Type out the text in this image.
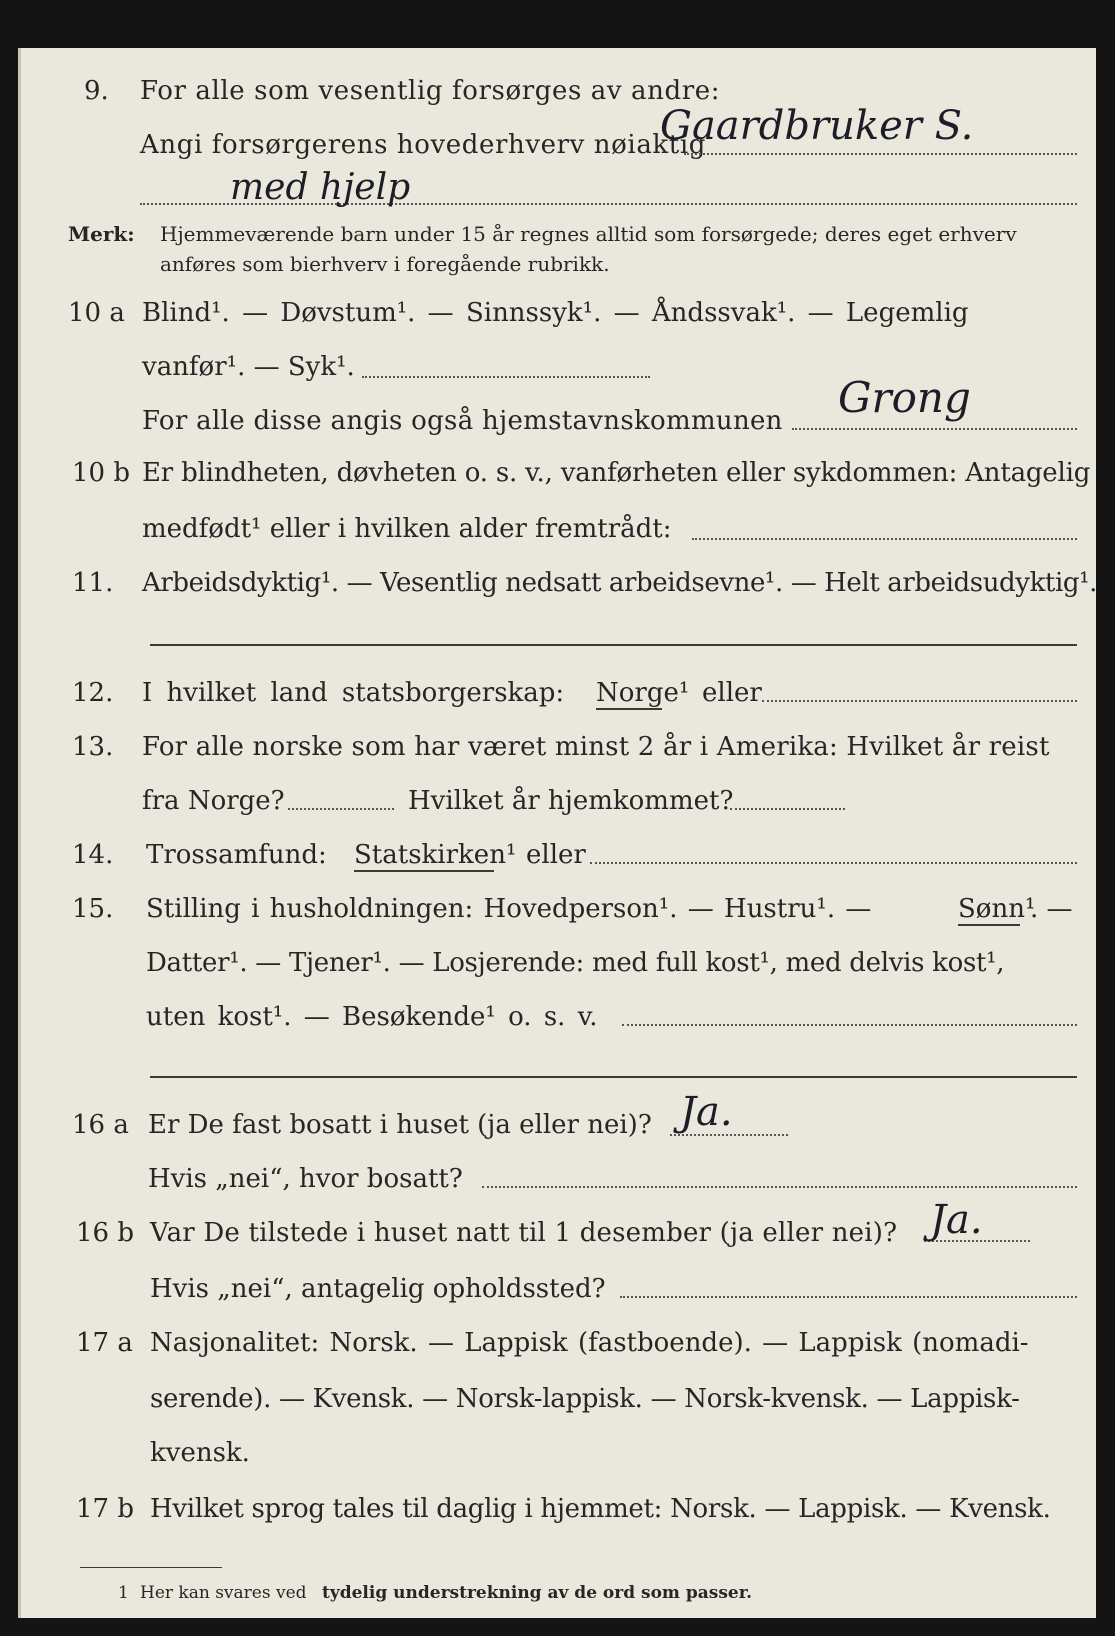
9. For alle som vesentlig forsørges av andre:
Angi forsørgerens hovederhverv nøiaktig
Gaardbruker S.
med hjelp
Merk: Hjemmeværende barn under 15 år regnes alltid som forsørgede; deres eget erhverv
anføres som bierhverv i foregående rubrikk.
10 a Blind¹. — Døvstum¹. — Sinnssyk¹. — Åndssvak¹. — Legemlig
vanfør¹. — Syk¹.
For alle disse angis også hjemstavnskommunen Grong
10 b Er blindheten, døvheten o. s. v., vanførheten eller sykdommen: Antagelig
medfødt¹ eller i hvilken alder fremtrådt:
11. Arbeidsdyktig¹. — Vesentlig nedsatt arbeidsevne¹. — Helt arbeidsudyktig¹.
12. I hvilket land statsborgerskap: Norge¹ eller
13. For alle norske som har været minst 2 år i Amerika: Hvilket år reist
fra Norge?	Hvilket år hjemkommet?
14. Trossamfund: Statskirken¹ eller
15. Stilling i husholdningen: Hovedperson¹. — Hustru¹. —	Sønn¹
. —
Datter¹. — Tjener¹. — Losjerende: med full kost¹, med delvis kost¹,
uten kost¹. — Besøkende¹ o. s. v.
16 a Er De fast bosatt i huset (ja eller nei)? Ja.
Hvis „nei“, hvor bosatt?
16 b Var De tilstede i huset natt til 1 desember (ja eller nei)? Ja.
Hvis „nei“, antagelig opholdssted?
17 a Nasjonalitet: Norsk. — Lappisk (fastboende). — Lappisk (nomadi-
serende). — Kvensk. — Norsk-lappisk. — Norsk-kvensk. — Lappisk-
kvensk.
17 b Hvilket sprog tales til daglig i hjemmet: Norsk. — Lappisk. — Kvensk.
1 Her kan svares ved tydelig understrekning av de ord som passer.
